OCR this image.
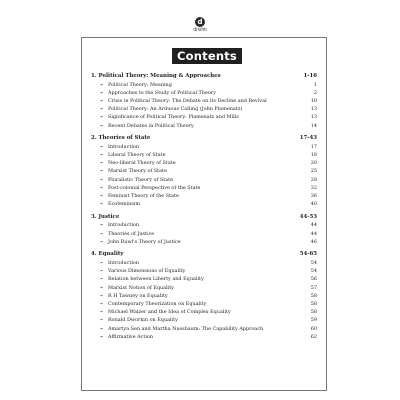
d
drishti
Contents
1. Political Theory: Meaning & Approaches	1-16
➻ Political Theory: Meaning	1
➻ Approaches to the Study of Political Theory	2
➻ Crisis in Political Theory: The Debate on its Decline and Revival	10
➻ Political Theory: An Arduous Calling (John Plamenatz)	13
➻ Significance of Political Theory: Plamenatz and Mills	13
➻ Recent Debates in Political Theory	14
2. Theories of State	17-43
➻ Introduction	17
➻ Liberal Theory of State	18
➻ Neo-liberal Theory of State	20
➻ Marxist Theory of State	25
➻ Pluralistic Theory of State	28
➻ Post-colonial Perspective of the State	32
➻ Feminist Theory of the State	36
➻ Ecofeminism	40
3. Justice	44-53
➻ Introduction	44
➻ Theories of Justice	44
➻ John Rawl's Theory of Justice	46
4. Equality	54-65
➻ Introduction	54
➻ Various Dimensions of Equality	54
➻ Relation between Liberty and Equality	56
➻ Marxist Notion of Equality	57
➻ R H Tawney on Equality	58
➻ Contemporary Theorization on Equality	58
➻ Michael Walzer and the Idea of Complex Equality	58
➻ Ronald Dworkin on Equality	59
➻ Amartya Sen and Martha Nussbaum: The Capability Approach	60
➻ Affirmative Action	62
